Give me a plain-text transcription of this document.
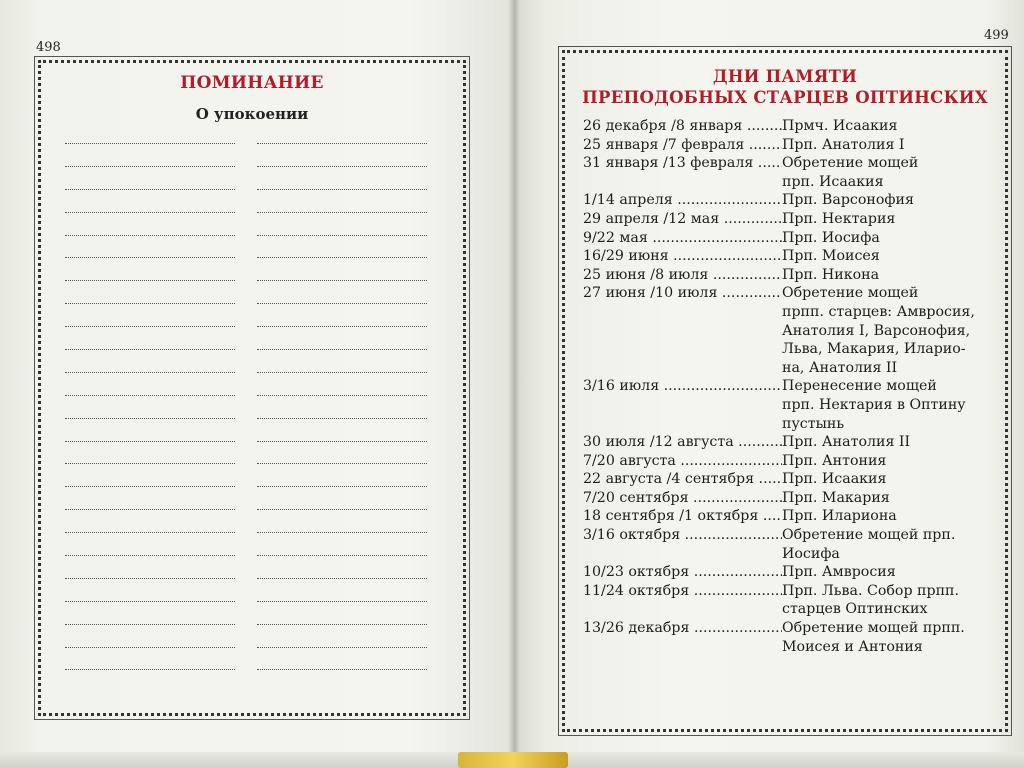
498
ПОМИНАНИЕ
О упокоении
499
ДНИ ПАМЯТИ
ПРЕПОДОБНЫХ СТАРЦЕВ ОПТИНСКИХ
26 декабря /8 января .....	Прмч. Исаакия
25 января /7 февраля .....	Прп. Анатолия I
31 января /13 февраля .....	Обретение мощей
прп. Исаакия
1/14 апреля .....	Прп. Варсонофия
29 апреля /12 мая .....	Прп. Нектария
9/22 мая .....	Прп. Иосифа
16/29 июня .....	Прп. Моисея
25 июня /8 июля .....	Прп. Никона
27 июня /10 июля .....	Обретение мощей
прпп. старцев: Амвросия,
Анатолия I, Варсонофия,
Льва, Макария, Иларио-
на, Анатолия II
3/16 июля .....	Перенесение мощей
прп. Нектария в Оптину
пустынь
30 июля /12 августа .....	Прп. Анатолия II
7/20 августа .....	Прп. Антония
22 августа /4 сентября .....	Прп. Исаакия
7/20 сентября .....	Прп. Макария
18 сентября /1 октября .....	Прп. Илариона
3/16 октября .....	Обретение мощей прп.
Иосифа
10/23 октября .....	Прп. Амвросия
11/24 октября .....	Прп. Льва. Собор прпп.
старцев Оптинских
13/26 декабря .....	Обретение мощей прпп.
Моисея и Антония
